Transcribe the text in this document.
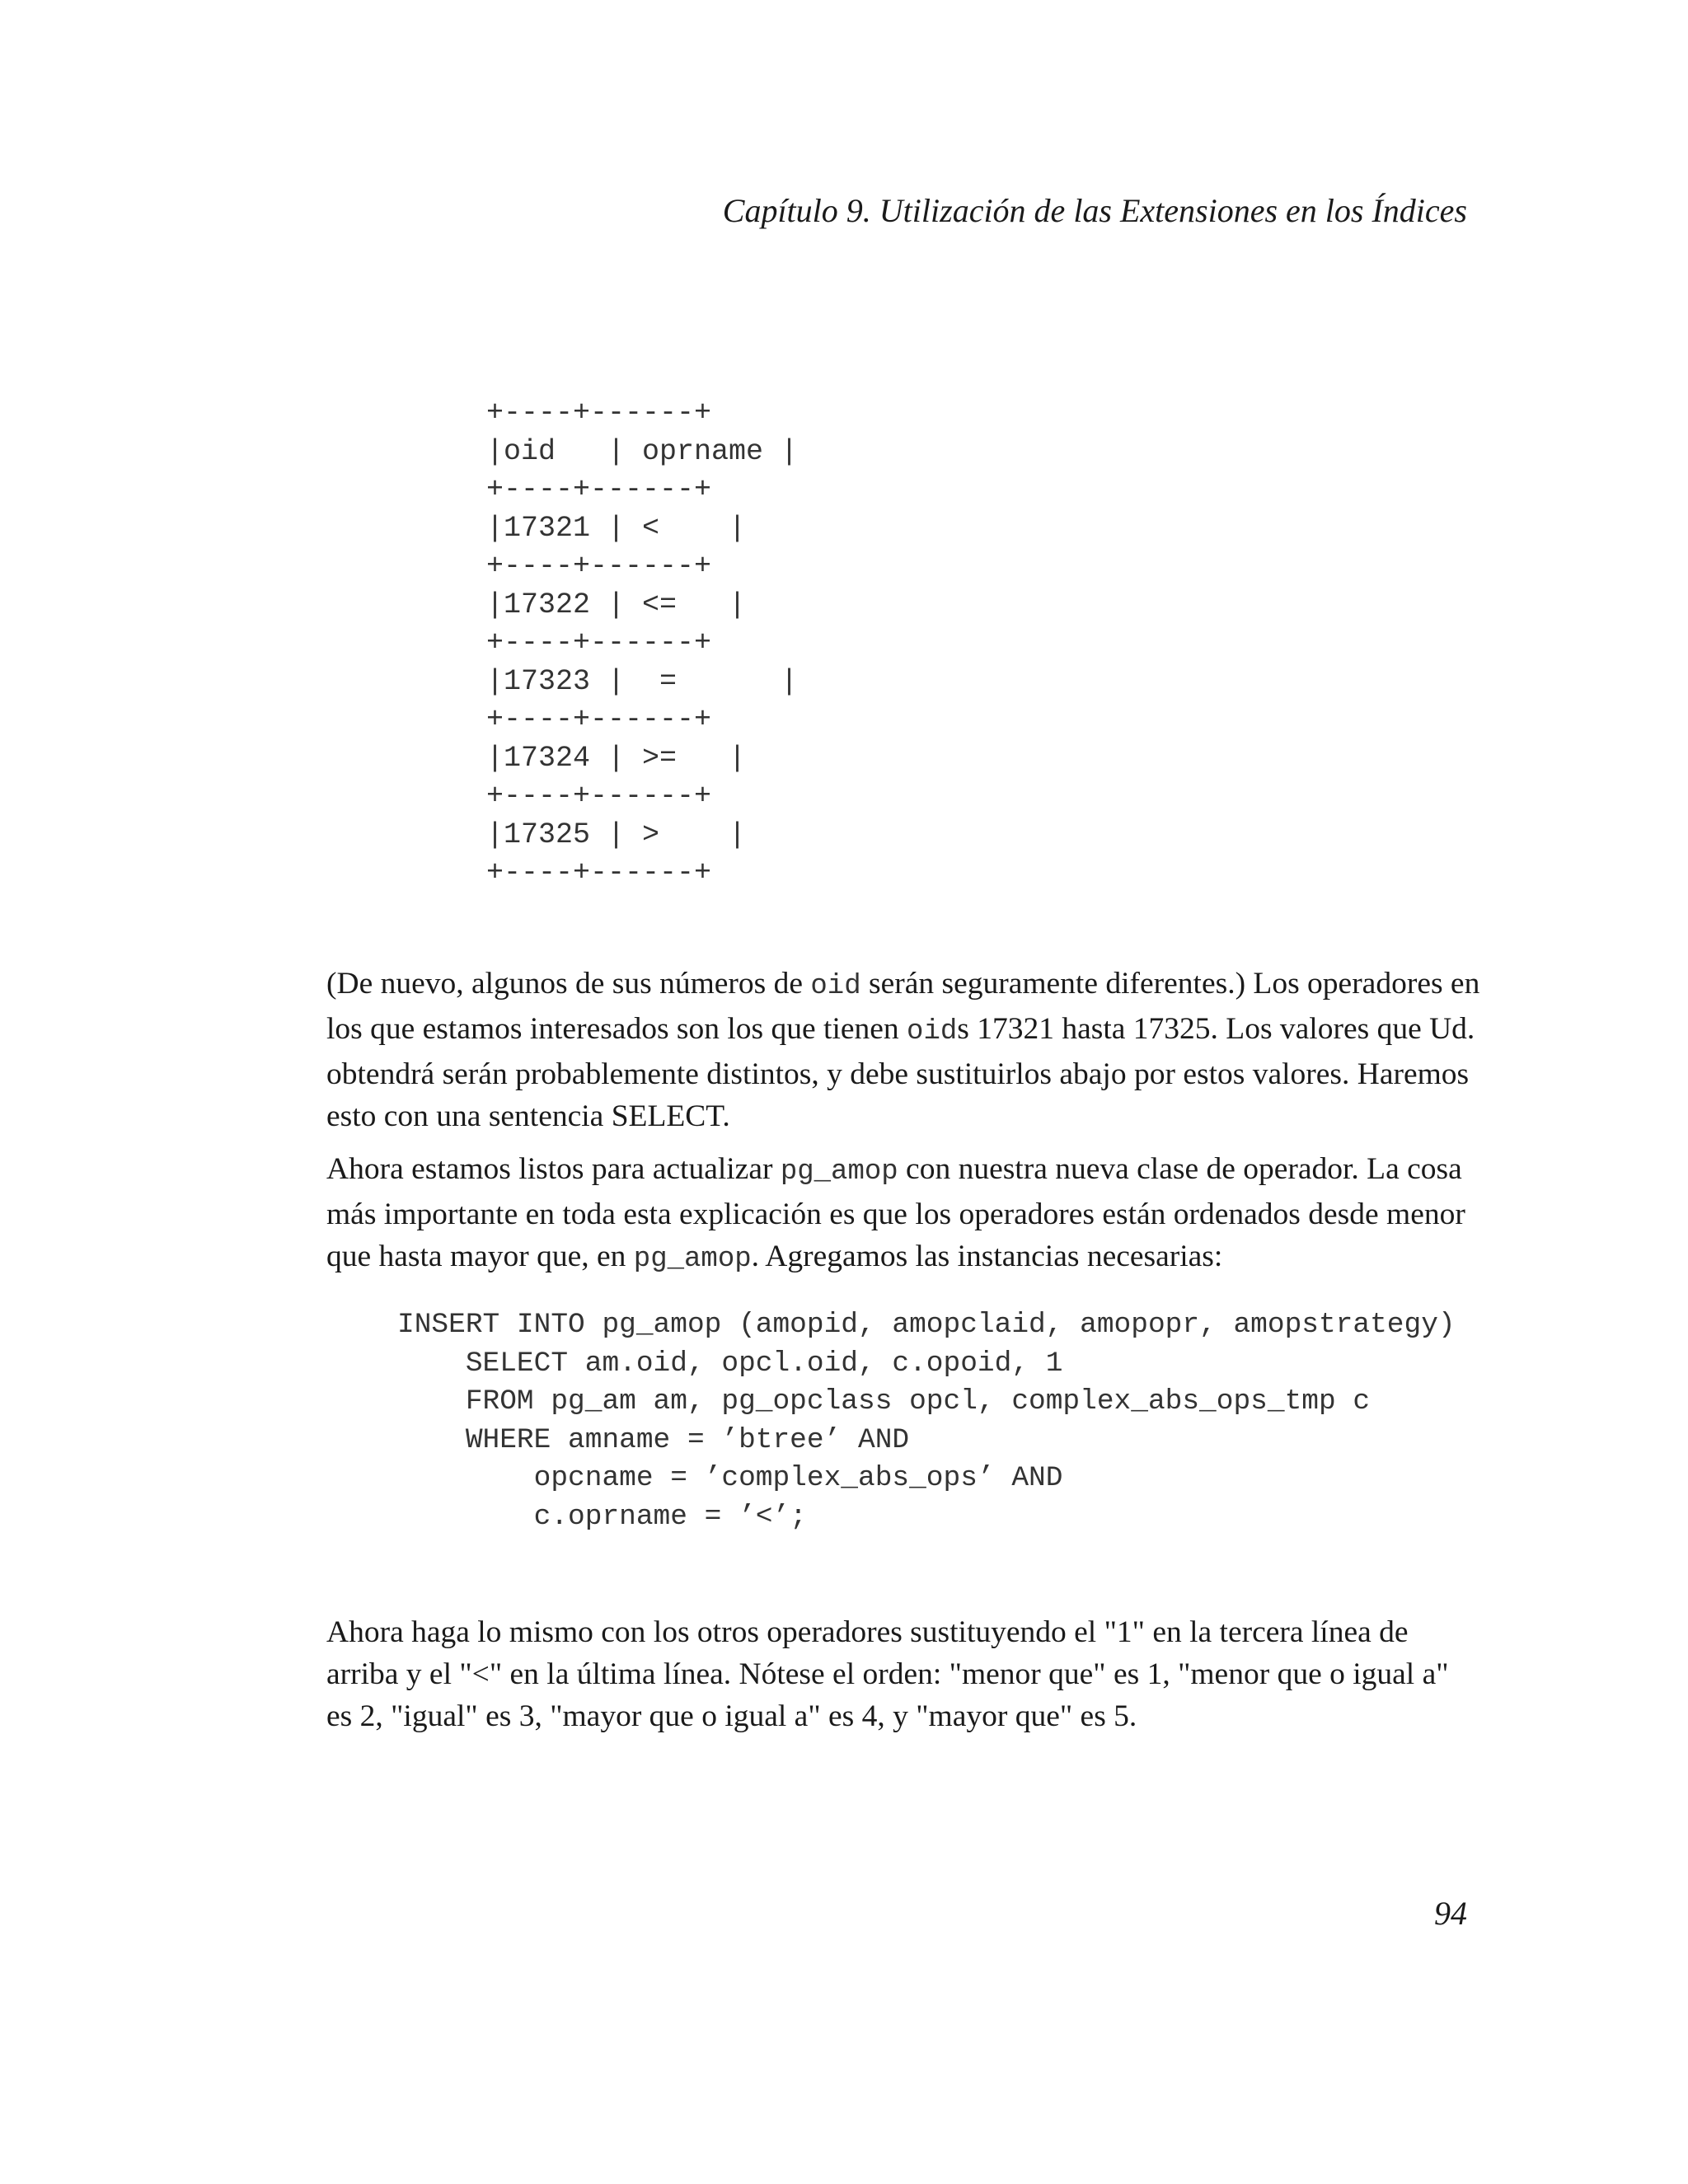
Capítulo 9. Utilización de las Extensiones en los Índices
+----+------+
|oid   | oprname |
+----+------+
|17321 | <    |
+----+------+
|17322 | <=   |
+----+------+
|17323 |  =      |
+----+------+
|17324 | >=   |
+----+------+
|17325 | >    |
+----+------+

(De nuevo, algunos de sus números de oid serán seguramente diferentes.) Los operadores en los que estamos interesados son los que tienen oids 17321 hasta 17325. Los valores que Ud. obtendrá serán probablemente distintos, y debe sustituirlos abajo por estos valores. Haremos esto con una sentencia SELECT.

Ahora estamos listos para actualizar pg_amop con nuestra nueva clase de operador. La cosa más importante en toda esta explicación es que los operadores están ordenados desde menor que hasta mayor que, en pg_amop. Agregamos las instancias necesarias:

INSERT INTO pg_amop (amopid, amopclaid, amopopr, amopstrategy)
SELECT am.oid, opcl.oid, c.opoid, 1
FROM pg_am am, pg_opclass opcl, complex_abs_ops_tmp c
WHERE amname = ’btree’ AND
opcname = ’complex_abs_ops’ AND
c.oprname = ’<’;

Ahora haga lo mismo con los otros operadores sustituyendo el "1" en la tercera línea de arriba y el "<" en la última línea. Nótese el orden: "menor que" es 1, "menor que o igual a" es 2, "igual" es 3, "mayor que o igual a" es 4, y "mayor que" es 5.

94
